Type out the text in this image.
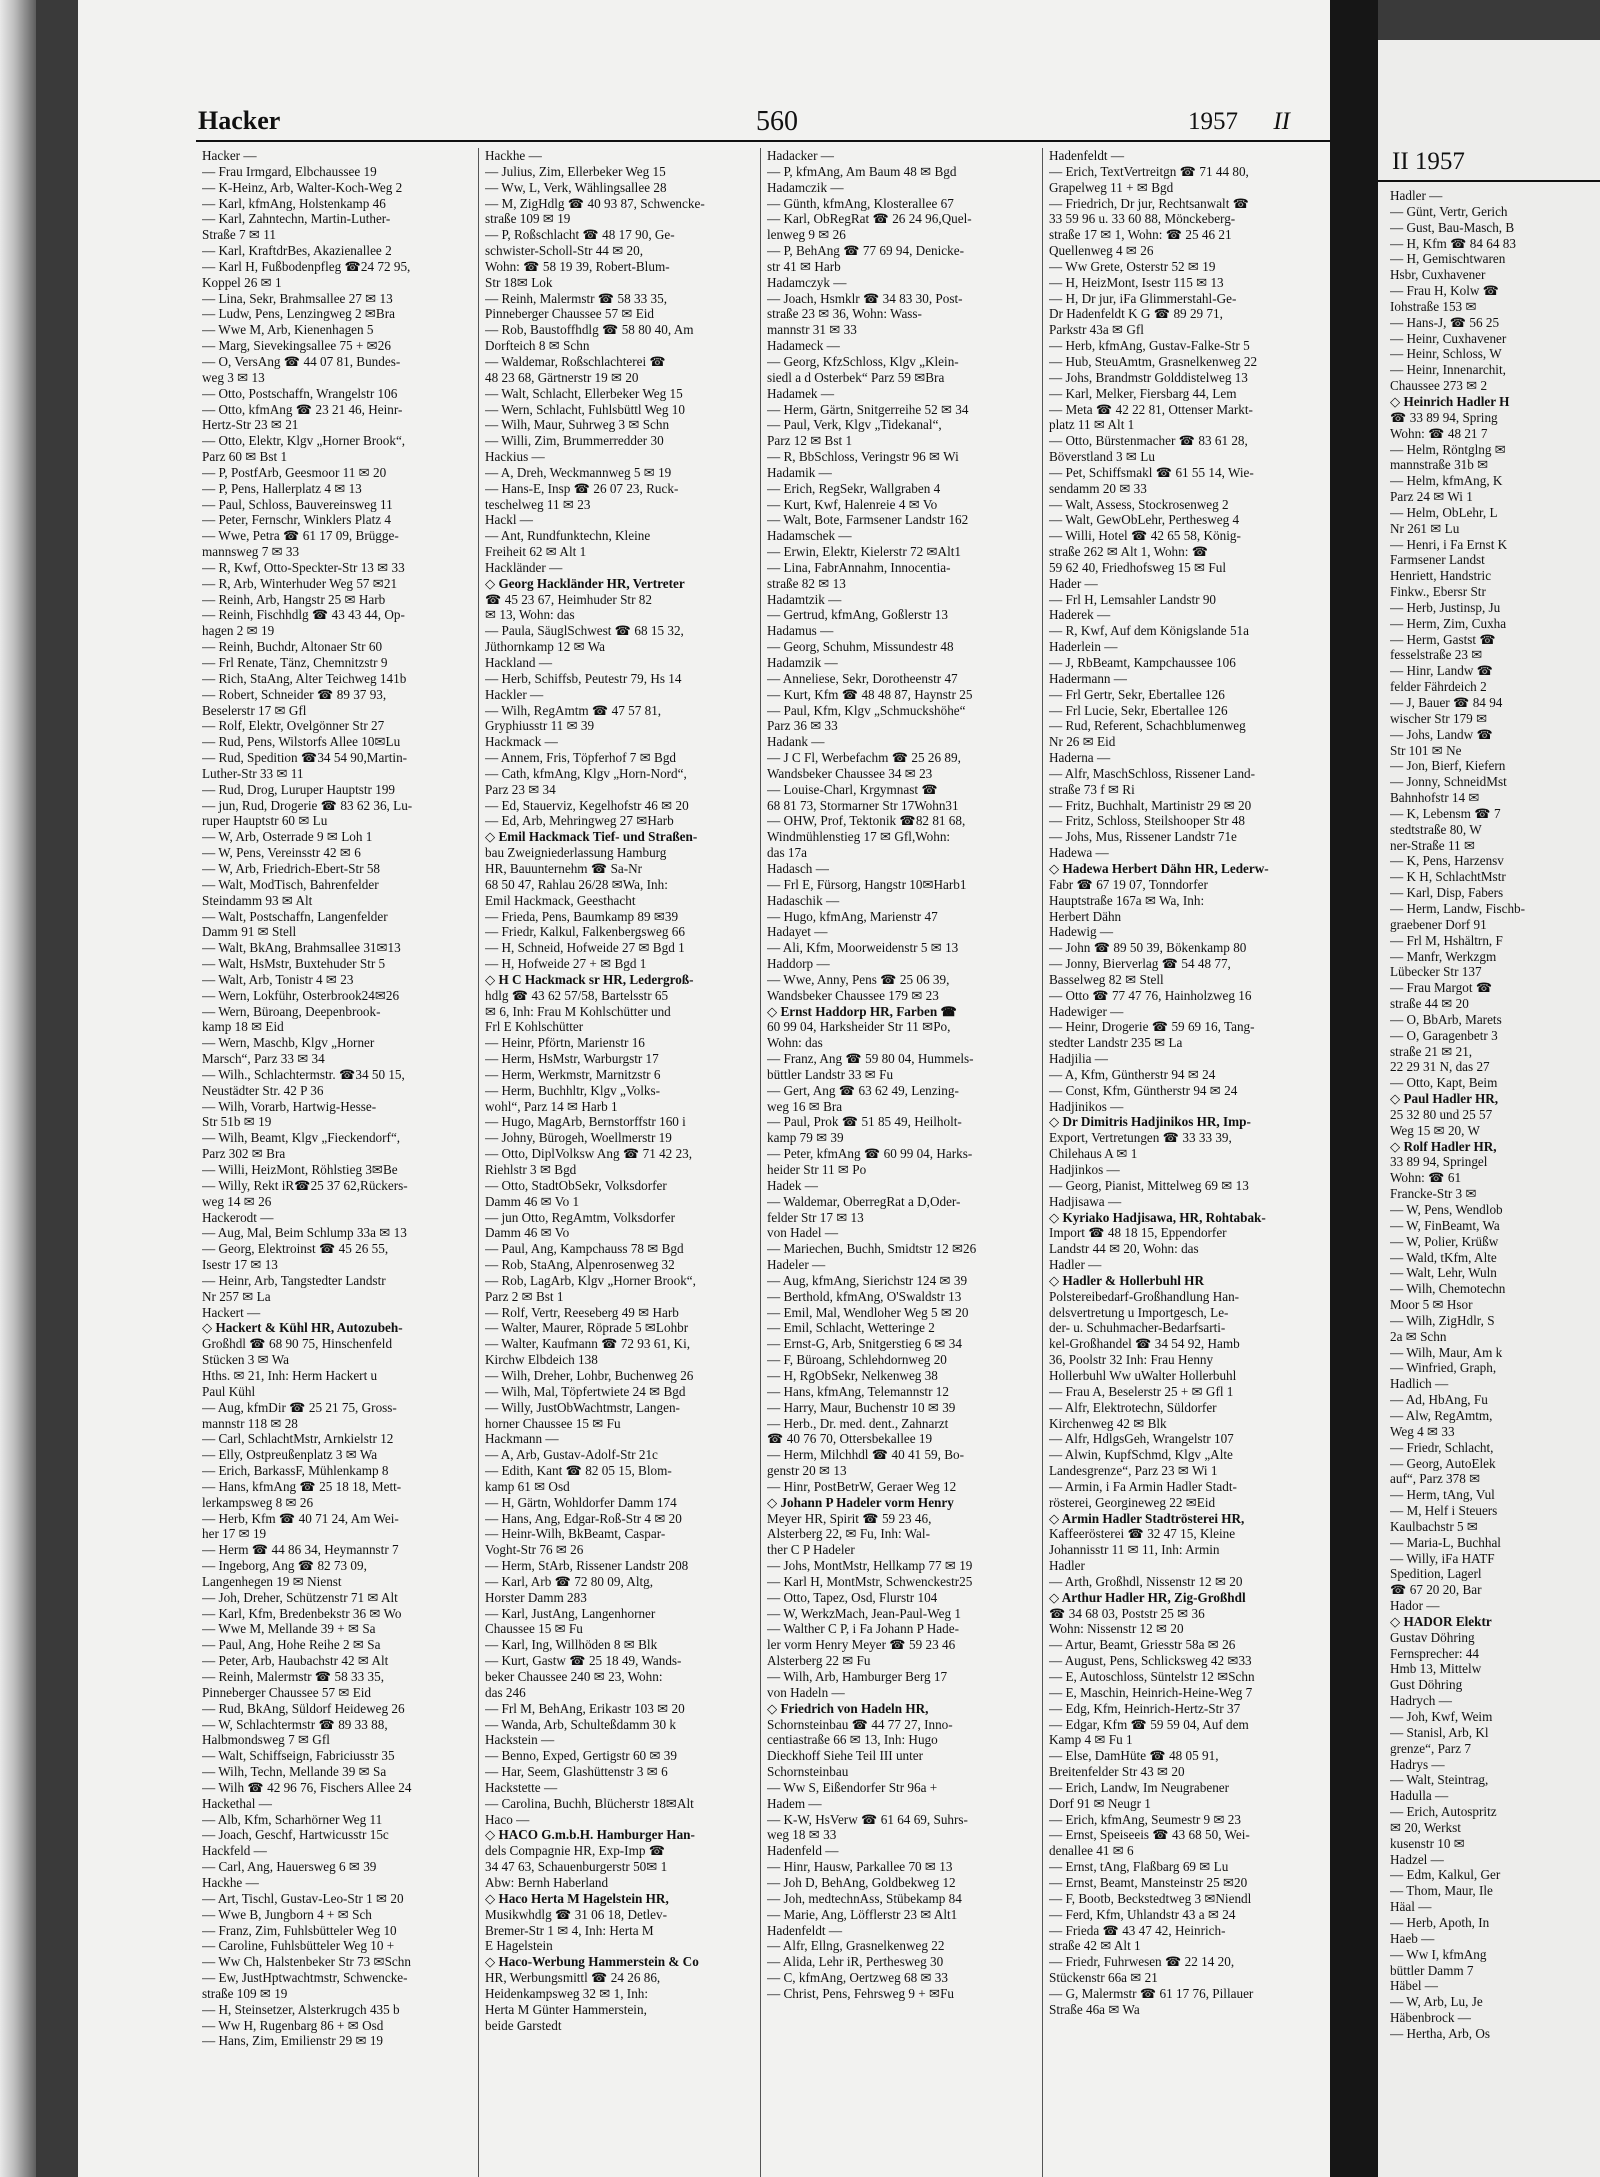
Hacker	560	1957 II
Hacker —
— Frau Irmgard, Elbchaussee 19
— K-Heinz, Arb, Walter-Koch-Weg 2
— Karl, kfmAng, Holstenkamp 46
— Karl, Zahntechn, Martin-Luther-
Straße 7 ✉ 11
— Karl, KraftdrBes, Akazienallee 2
— Karl H, Fußbodenpfleg ☎24 72 95,
Koppel 26 ✉ 1
— Lina, Sekr, Brahmsallee 27 ✉ 13
— Ludw, Pens, Lenzingweg 2 ✉Bra
— Wwe M, Arb, Kienenhagen 5
— Marg, Sievekingsallee 75 + ✉26
— O, VersAng ☎ 44 07 81, Bundes-
weg 3 ✉ 13
— Otto, Postschaffn, Wrangelstr 106
— Otto, kfmAng ☎ 23 21 46, Heinr-
Hertz-Str 23 ✉ 21
— Otto, Elektr, Klgv „Horner Brook“,
Parz 60 ✉ Bst 1
— P, PostfArb, Geesmoor 11 ✉ 20
— P, Pens, Hallerplatz 4 ✉ 13
— Paul, Schloss, Bauvereinsweg 11
— Peter, Fernschr, Winklers Platz 4
— Wwe, Petra ☎ 61 17 09, Brügge-
mannsweg 7 ✉ 33
— R, Kwf, Otto-Speckter-Str 13 ✉ 33
— R, Arb, Winterhuder Weg 57 ✉21
— Reinh, Arb, Hangstr 25 ✉ Harb
— Reinh, Fischhdlg ☎ 43 43 44, Op-
hagen 2 ✉ 19
— Reinh, Buchdr, Altonaer Str 60
— Frl Renate, Tänz, Chemnitzstr 9
— Rich, StaAng, Alter Teichweg 141b
— Robert, Schneider ☎ 89 37 93,
Beselerstr 17 ✉ Gfl
— Rolf, Elektr, Ovelgönner Str 27
— Rud, Pens, Wilstorfs Allee 10✉Lu
— Rud, Spedition ☎34 54 90,Martin-
Luther-Str 33 ✉ 11
— Rud, Drog, Luruper Hauptstr 199
— jun, Rud, Drogerie ☎ 83 62 36, Lu-
ruper Hauptstr 60 ✉ Lu
— W, Arb, Osterrade 9 ✉ Loh 1
— W, Pens, Vereinsstr 42 ✉ 6
— W, Arb, Friedrich-Ebert-Str 58
— Walt, ModTisch, Bahrenfelder
Steindamm 93 ✉ Alt
— Walt, Postschaffn, Langenfelder
Damm 91 ✉ Stell
— Walt, BkAng, Brahmsallee 31✉13
— Walt, HsMstr, Buxtehuder Str 5
— Walt, Arb, Tonistr 4 ✉ 23
— Wern, Lokführ, Osterbrook24✉26
— Wern, Büroang, Deepenbrook-
kamp 18 ✉ Eid
— Wern, Maschb, Klgv „Horner
Marsch“, Parz 33 ✉ 34
— Wilh., Schlachtermstr. ☎34 50 15,
Neustädter Str. 42 P 36
— Wilh, Vorarb, Hartwig-Hesse-
Str 51b ✉ 19
— Wilh, Beamt, Klgv „Fieckendorf“,
Parz 302 ✉ Bra
— Willi, HeizMont, Röhlstieg 3✉Be
— Willy, Rekt iR☎25 37 62,Rückers-
weg 14 ✉ 26
Hackerodt —
— Aug, Mal, Beim Schlump 33a ✉ 13
— Georg, Elektroinst ☎ 45 26 55,
Isestr 17 ✉ 13
— Heinr, Arb, Tangstedter Landstr
Nr 257 ✉ La
Hackert —
◇ Hackert & Kühl HR, Autozubeh-
Großhdl ☎ 68 90 75, Hinschenfeld
Stücken 3 ✉ Wa
Hths. ✉ 21, Inh: Herm Hackert u
Paul Kühl
— Aug, kfmDir ☎ 25 21 75, Gross-
mannstr 118 ✉ 28
— Carl, SchlachtMstr, Arnkielstr 12
— Elly, Ostpreußenplatz 3 ✉ Wa
— Erich, BarkassF, Mühlenkamp 8
— Hans, kfmAng ☎ 25 18 18, Mett-
lerkampsweg 8 ✉ 26
— Herb, Kfm ☎ 40 71 24, Am Wei-
her 17 ✉ 19
— Herm ☎ 44 86 34, Heymannstr 7
— Ingeborg, Ang ☎ 82 73 09,
Langenhegen 19 ✉ Nienst
— Joh, Dreher, Schützenstr 71 ✉ Alt
— Karl, Kfm, Bredenbekstr 36 ✉ Wo
— Wwe M, Mellande 39 + ✉ Sa
— Paul, Ang, Hohe Reihe 2 ✉ Sa
— Peter, Arb, Haubachstr 42 ✉ Alt
— Reinh, Malermstr ☎ 58 33 35,
Pinneberger Chaussee 57 ✉ Eid
— Rud, BkAng, Süldorf Heideweg 26
— W, Schlachtermstr ☎ 89 33 88,
Halbmondsweg 7 ✉ Gfl
— Walt, Schiffseign, Fabriciusstr 35
— Wilh, Techn, Mellande 39 ✉ Sa
— Wilh ☎ 42 96 76, Fischers Allee 24
Hackethal —
— Alb, Kfm, Scharhörner Weg 11
— Joach, Geschf, Hartwicusstr 15c
Hackfeld —
— Carl, Ang, Hauersweg 6 ✉ 39
Hackhe —
— Art, Tischl, Gustav-Leo-Str 1 ✉ 20
— Wwe B, Jungborn 4 + ✉ Sch
— Franz, Zim, Fuhlsbütteler Weg 10
— Caroline, Fuhlsbütteler Weg 10 +
— Ww Ch, Halstenbeker Str 73 ✉Schn
— Ew, JustHptwachtmstr, Schwencke-
straße 109 ✉ 19
— H, Steinsetzer, Alsterkrugch 435 b
— Ww H, Rugenbarg 86 + ✉ Osd
— Hans, Zim, Emilienstr 29 ✉ 19
Hackhe —
— Julius, Zim, Ellerbeker Weg 15
— Ww, L, Verk, Wählingsallee 28
— M, ZigHdlg ☎ 40 93 87, Schwencke-
straße 109 ✉ 19
— P, Roßschlacht ☎ 48 17 90, Ge-
schwister-Scholl-Str 44 ✉ 20,
Wohn: ☎ 58 19 39, Robert-Blum-
Str 18✉ Lok
— Reinh, Malermstr ☎ 58 33 35,
Pinneberger Chaussee 57 ✉ Eid
— Rob, Baustoffhdlg ☎ 58 80 40, Am
Dorfteich 8 ✉ Schn
— Waldemar, Roßschlachterei ☎
48 23 68, Gärtnerstr 19 ✉ 20
— Walt, Schlacht, Ellerbeker Weg 15
— Wern, Schlacht, Fuhlsbüttl Weg 10
— Wilh, Maur, Suhrweg 3 ✉ Schn
— Willi, Zim, Brummerredder 30
Hackius —
— A, Dreh, Weckmannweg 5 ✉ 19
— Hans-E, Insp ☎ 26 07 23, Ruck-
teschelweg 11 ✉ 23
Hackl —
— Ant, Rundfunktechn, Kleine
Freiheit 62 ✉ Alt 1
Hackländer —
◇ Georg Hackländer HR, Vertreter
☎ 45 23 67, Heimhuder Str 82
✉ 13, Wohn: das
— Paula, SäuglSchwest ☎ 68 15 32,
Jüthornkamp 12 ✉ Wa
Hackland —
— Herb, Schiffsb, Peutestr 79, Hs 14
Hackler —
— Wilh, RegAmtm ☎ 47 57 81,
Gryphiusstr 11 ✉ 39
Hackmack —
— Annem, Fris, Töpferhof 7 ✉ Bgd
— Cath, kfmAng, Klgv „Horn-Nord“,
Parz 23 ✉ 34
— Ed, Stauerviz, Kegelhofstr 46 ✉ 20
— Ed, Arb, Mehringweg 27 ✉Harb
◇ Emil Hackmack Tief- und Straßen-
bau Zweigniederlassung Hamburg
HR, Bauunternehm ☎ Sa-Nr
68 50 47, Rahlau 26/28 ✉Wa, Inh:
Emil Hackmack, Geesthacht
— Frieda, Pens, Baumkamp 89 ✉39
— Friedr, Kalkul, Falkenbergsweg 66
— H, Schneid, Hofweide 27 ✉ Bgd 1
— H, Hofweide 27 + ✉ Bgd 1
◇ H C Hackmack sr HR, Ledergroß-
hdlg ☎ 43 62 57/58, Bartelsstr 65
✉ 6, Inh: Frau M Kohlschütter und
Frl E Kohlschütter
— Heinr, Pförtn, Marienstr 16
— Herm, HsMstr, Warburgstr 17
— Herm, Werkmstr, Marnitzstr 6
— Herm, Buchhltr, Klgv „Volks-
wohl“, Parz 14 ✉ Harb 1
— Hugo, MagArb, Bernstorffstr 160 i
— Johny, Bürogeh, Woellmerstr 19
— Otto, DiplVolksw Ang ☎ 71 42 23,
Riehlstr 3 ✉ Bgd
— Otto, StadtObSekr, Volksdorfer
Damm 46 ✉ Vo 1
— jun Otto, RegAmtm, Volksdorfer
Damm 46 ✉ Vo
— Paul, Ang, Kampchauss 78 ✉ Bgd
— Rob, StaAng, Alpenrosenweg 32
— Rob, LagArb, Klgv „Horner Brook“,
Parz 2 ✉ Bst 1
— Rolf, Vertr, Reeseberg 49 ✉ Harb
— Walter, Maurer, Röprade 5 ✉Lohbr
— Walter, Kaufmann ☎ 72 93 61, Ki,
Kirchw Elbdeich 138
— Wilh, Dreher, Lohbr, Buchenweg 26
— Wilh, Mal, Töpfertwiete 24 ✉ Bgd
— Willy, JustObWachtmstr, Langen-
horner Chaussee 15 ✉ Fu
Hackmann —
— A, Arb, Gustav-Adolf-Str 21c
— Edith, Kant ☎ 82 05 15, Blom-
kamp 61 ✉ Osd
— H, Gärtn, Wohldorfer Damm 174
— Hans, Ang, Edgar-Roß-Str 4 ✉ 20
— Heinr-Wilh, BkBeamt, Caspar-
Voght-Str 76 ✉ 26
— Herm, StArb, Rissener Landstr 208
— Karl, Arb ☎ 72 80 09, Altg,
Horster Damm 283
— Karl, JustAng, Langenhorner
Chaussee 15 ✉ Fu
— Karl, Ing, Willhöden 8 ✉ Blk
— Kurt, Gastw ☎ 25 18 49, Wands-
beker Chaussee 240 ✉ 23, Wohn:
das 246
— Frl M, BehAng, Erikastr 103 ✉ 20
— Wanda, Arb, Schulteßdamm 30 k
Hackstein —
— Benno, Exped, Gertigstr 60 ✉ 39
— Har, Seem, Glashüttenstr 3 ✉ 6
Hackstette —
— Carolina, Buchh, Blücherstr 18✉Alt
Haco —
◇ HACO G.m.b.H. Hamburger Han-
dels Compagnie HR, Exp-Imp ☎
34 47 63, Schauenburgerstr 50✉ 1
Abw: Bernh Haberland
◇ Haco Herta M Hagelstein HR,
Musikwhdlg ☎ 31 06 18, Detlev-
Bremer-Str 1 ✉ 4, Inh: Herta M
E Hagelstein
◇ Haco-Werbung Hammerstein & Co
HR, Werbungsmittl ☎ 24 26 86,
Heidenkampsweg 32 ✉ 1, Inh:
Herta M Günter Hammerstein,
beide Garstedt
Hadacker —
— P, kfmAng, Am Baum 48 ✉ Bgd
Hadamczik —
— Günth, kfmAng, Klosterallee 67
— Karl, ObRegRat ☎ 26 24 96,Quel-
lenweg 9 ✉ 26
— P, BehAng ☎ 77 69 94, Denicke-
str 41 ✉ Harb
Hadamczyk —
— Joach, Hsmklr ☎ 34 83 30, Post-
straße 23 ✉ 36, Wohn: Wass-
mannstr 31 ✉ 33
Hadameck —
— Georg, KfzSchloss, Klgv „Klein-
siedl a d Osterbek“ Parz 59 ✉Bra
Hadamek —
— Herm, Gärtn, Snitgerreihe 52 ✉ 34
— Paul, Verk, Klgv „Tidekanal“,
Parz 12 ✉ Bst 1
— R, BbSchloss, Veringstr 96 ✉ Wi
Hadamik —
— Erich, RegSekr, Wallgraben 4
— Kurt, Kwf, Halenreie 4 ✉ Vo
— Walt, Bote, Farmsener Landstr 162
Hadamschek —
— Erwin, Elektr, Kielerstr 72 ✉Alt1
— Lina, FabrAnnahm, Innocentia-
straße 82 ✉ 13
Hadamtzik —
— Gertrud, kfmAng, Goßlerstr 13
Hadamus —
— Georg, Schuhm, Missundestr 48
Hadamzik —
— Anneliese, Sekr, Dorotheenstr 47
— Kurt, Kfm ☎ 48 48 87, Haynstr 25
— Paul, Kfm, Klgv „Schmuckshöhe“
Parz 36 ✉ 33
Hadank —
— J C Fl, Werbefachm ☎ 25 26 89,
Wandsbeker Chaussee 34 ✉ 23
— Louise-Charl, Krgymnast ☎
68 81 73, Stormarner Str 17Wohn31
— OHW, Prof, Tektonik ☎82 81 68,
Windmühlenstieg 17 ✉ Gfl,Wohn:
das 17a
Hadasch —
— Frl E, Fürsorg, Hangstr 10✉Harb1
Hadaschik —
— Hugo, kfmAng, Marienstr 47
Hadayet —
— Ali, Kfm, Moorweidenstr 5 ✉ 13
Haddorp —
— Wwe, Anny, Pens ☎ 25 06 39,
Wandsbeker Chaussee 179 ✉ 23
◇ Ernst Haddorp HR, Farben ☎
60 99 04, Harksheider Str 11 ✉Po,
Wohn: das
— Franz, Ang ☎ 59 80 04, Hummels-
büttler Landstr 33 ✉ Fu
— Gert, Ang ☎ 63 62 49, Lenzing-
weg 16 ✉ Bra
— Paul, Prok ☎ 51 85 49, Heilholt-
kamp 79 ✉ 39
— Peter, kfmAng ☎ 60 99 04, Harks-
heider Str 11 ✉ Po
Hadek —
— Waldemar, OberregRat a D,Oder-
felder Str 17 ✉ 13
von Hadel —
— Mariechen, Buchh, Smidtstr 12 ✉26
Hadeler —
— Aug, kfmAng, Sierichstr 124 ✉ 39
— Berthold, kfmAng, O'Swaldstr 13
— Emil, Mal, Wendloher Weg 5 ✉ 20
— Emil, Schlacht, Wetteringe 2
— Ernst-G, Arb, Snitgerstieg 6 ✉ 34
— F, Büroang, Schlehdornweg 20
— H, RgObSekr, Nelkenweg 38
— Hans, kfmAng, Telemannstr 12
— Harry, Maur, Buchenstr 10 ✉ 39
— Herb., Dr. med. dent., Zahnarzt
☎ 40 76 70, Ottersbekallee 19
— Herm, Milchhdl ☎ 40 41 59, Bo-
genstr 20 ✉ 13
— Hinr, PostBetrW, Geraer Weg 12
◇ Johann P Hadeler vorm Henry
Meyer HR, Spirit ☎ 59 23 46,
Alsterberg 22, ✉ Fu, Inh: Wal-
ther C P Hadeler
— Johs, MontMstr, Hellkamp 77 ✉ 19
— Karl H, MontMstr, Schwenckestr25
— Otto, Tapez, Osd, Flurstr 104
— W, WerkzMach, Jean-Paul-Weg 1
— Walther C P, i Fa Johann P Hade-
ler vorm Henry Meyer ☎ 59 23 46
Alsterberg 22 ✉ Fu
— Wilh, Arb, Hamburger Berg 17
von Hadeln —
◇ Friedrich von Hadeln HR,
Schornsteinbau ☎ 44 77 27, Inno-
centiastraße 66 ✉ 13, Inh: Hugo
Dieckhoff Siehe Teil III unter
Schornsteinbau
— Ww S, Eißendorfer Str 96a +
Hadem —
— K-W, HsVerw ☎ 61 64 69, Suhrs-
weg 18 ✉ 33
Hadenfeld —
— Hinr, Hausw, Parkallee 70 ✉ 13
— Joh D, BehAng, Goldbekweg 12
— Joh, medtechnAss, Stübekamp 84
— Marie, Ang, Löfflerstr 23 ✉ Alt1
Hadenfeldt —
— Alfr, Ellng, Grasnelkenweg 22
— Alida, Lehr iR, Perthesweg 30
— C, kfmAng, Oertzweg 68 ✉ 33
— Christ, Pens, Fehrsweg 9 + ✉Fu
Hadenfeldt —
— Erich, TextVertreitgn ☎ 71 44 80,
Grapelweg 11 + ✉ Bgd
— Friedrich, Dr jur, Rechtsanwalt ☎
33 59 96 u. 33 60 88, Mönckeberg-
straße 17 ✉ 1, Wohn: ☎ 25 46 21
Quellenweg 4 ✉ 26
— Ww Grete, Osterstr 52 ✉ 19
— H, HeizMont, Isestr 115 ✉ 13
— H, Dr jur, iFa Glimmerstahl-Ge-
Dr Hadenfeldt K G ☎ 89 29 71,
Parkstr 43a ✉ Gfl
— Herb, kfmAng, Gustav-Falke-Str 5
— Hub, SteuAmtm, Grasnelkenweg 22
— Johs, Brandmstr Golddistelweg 13
— Karl, Melker, Fiersbarg 44, Lem
— Meta ☎ 42 22 81, Ottenser Markt-
platz 11 ✉ Alt 1
— Otto, Bürstenmacher ☎ 83 61 28,
Böverstland 3 ✉ Lu
— Pet, Schiffsmakl ☎ 61 55 14, Wie-
sendamm 20 ✉ 33
— Walt, Assess, Stockrosenweg 2
— Walt, GewObLehr, Perthesweg 4
— Willi, Hotel ☎ 42 65 58, König-
straße 262 ✉ Alt 1, Wohn: ☎
59 62 40, Friedhofsweg 15 ✉ Ful
Hader —
— Frl H, Lemsahler Landstr 90
Haderek —
— R, Kwf, Auf dem Königslande 51a
Haderlein —
— J, RbBeamt, Kampchaussee 106
Hadermann —
— Frl Gertr, Sekr, Ebertallee 126
— Frl Lucie, Sekr, Ebertallee 126
— Rud, Referent, Schachblumenweg
Nr 26 ✉ Eid
Haderna —
— Alfr, MaschSchloss, Rissener Land-
straße 73 f ✉ Ri
— Fritz, Buchhalt, Martinistr 29 ✉ 20
— Fritz, Schloss, Steilshooper Str 48
— Johs, Mus, Rissener Landstr 71e
Hadewa —
◇ Hadewa Herbert Dähn HR, Lederw-
Fabr ☎ 67 19 07, Tonndorfer
Hauptstraße 167a ✉ Wa, Inh:
Herbert Dähn
Hadewig —
— John ☎ 89 50 39, Bökenkamp 80
— Jonny, Bierverlag ☎ 54 48 77,
Basselweg 82 ✉ Stell
— Otto ☎ 77 47 76, Hainholzweg 16
Hadewiger —
— Heinr, Drogerie ☎ 59 69 16, Tang-
stedter Landstr 235 ✉ La
Hadjilia —
— A, Kfm, Güntherstr 94 ✉ 24
— Const, Kfm, Güntherstr 94 ✉ 24
Hadjinikos —
◇ Dr Dimitris Hadjinikos HR, Imp-
Export, Vertretungen ☎ 33 33 39,
Chilehaus A ✉ 1
Hadjinkos —
— Georg, Pianist, Mittelweg 69 ✉ 13
Hadjisawa —
◇ Kyriako Hadjisawa, HR, Rohtabak-
Import ☎ 48 18 15, Eppendorfer
Landstr 44 ✉ 20, Wohn: das
Hadler —
◇ Hadler & Hollerbuhl HR
Polstereibedarf-Großhandlung Han-
delsvertretung u Importgesch, Le-
der- u. Schuhmacher-Bedarfsarti-
kel-Großhandel ☎ 34 54 92, Hamb
36, Poolstr 32 Inh: Frau Henny
Hollerbuhl Ww uWalter Hollerbuhl
— Frau A, Beselerstr 25 + ✉ Gfl 1
— Alfr, Elektrotechn, Süldorfer
Kirchenweg 42 ✉ Blk
— Alfr, HdlgsGeh, Wrangelstr 107
— Alwin, KupfSchmd, Klgv „Alte
Landesgrenze“, Parz 23 ✉ Wi 1
— Armin, i Fa Armin Hadler Stadt-
rösterei, Georgineweg 22 ✉Eid
◇ Armin Hadler Stadtrösterei HR,
Kaffeerösterei ☎ 32 47 15, Kleine
Johannisstr 11 ✉ 11, Inh: Armin
Hadler
— Arth, Großhdl, Nissenstr 12 ✉ 20
◇ Arthur Hadler HR, Zig-Großhdl
☎ 34 68 03, Poststr 25 ✉ 36
Wohn: Nissenstr 12 ✉ 20
— Artur, Beamt, Griesstr 58a ✉ 26
— August, Pens, Schlicksweg 42 ✉33
— E, Autoschloss, Süntelstr 12 ✉Schn
— E, Maschin, Heinrich-Heine-Weg 7
— Edg, Kfm, Heinrich-Hertz-Str 37
— Edgar, Kfm ☎ 59 59 04, Auf dem
Kamp 4 ✉ Fu 1
— Else, DamHüte ☎ 48 05 91,
Breitenfelder Str 43 ✉ 20
— Erich, Landw, Im Neugrabener
Dorf 91 ✉ Neugr 1
— Erich, kfmAng, Seumestr 9 ✉ 23
— Ernst, Speiseeis ☎ 43 68 50, Wei-
denallee 41 ✉ 6
— Ernst, tAng, Flaßbarg 69 ✉ Lu
— Ernst, Beamt, Mansteinstr 25 ✉20
— F, Bootb, Beckstedtweg 3 ✉Niendl
— Ferd, Kfm, Uhlandstr 43 a ✉ 24
— Frieda ☎ 43 47 42, Heinrich-
straße 42 ✉ Alt 1
— Friedr, Fuhrwesen ☎ 22 14 20,
Stückenstr 66a ✉ 21
— G, Malermstr ☎ 61 17 76, Pillauer
Straße 46a ✉ Wa
II 1957
Hadler —
— Günt, Vertr, Gerich
— Gust, Bau-Masch, B
— H, Kfm ☎ 84 64 83
— H, Gemischtwaren
Hsbr, Cuxhavener
— Frau H, Kolw ☎
Iohstraße 153 ✉
— Hans-J, ☎ 56 25
— Heinr, Cuxhavener
— Heinr, Schloss, W
— Heinr, Innenarchit,
Chaussee 273 ✉ 2
◇ Heinrich Hadler H
☎ 33 89 94, Spring
Wohn: ☎ 48 21 7
— Helm, Röntglng ✉
mannstraße 31b ✉
— Helm, kfmAng, K
Parz 24 ✉ Wi 1
— Helm, ObLehr, L
Nr 261 ✉ Lu
— Henri, i Fa Ernst K
Farmsener Landst
Henriett, Handstric
Finkw., Ebersr Str
— Herb, Justinsp, Ju
— Herm, Zim, Cuxha
— Herm, Gastst ☎
fesselstraße 23 ✉
— Hinr, Landw ☎
felder Fährdeich 2
— J, Bauer ☎ 84 94
wischer Str 179 ✉
— Johs, Landw ☎
Str 101 ✉ Ne
— Jon, Bierf, Kiefern
— Jonny, SchneidMst
Bahnhofstr 14 ✉
— K, Lebensm ☎ 7
stedtstraße 80, W
ner-Straße 11 ✉
— K, Pens, Harzensv
— K H, SchlachtMstr
— Karl, Disp, Fabers
— Herm, Landw, Fischb-
graebener Dorf 91
— Frl M, Hshältrn, F
— Manfr, Werkzgm
Lübecker Str 137
— Frau Margot ☎
straße 44 ✉ 20
— O, BbArb, Marets
— O, Garagenbetr 3
straße 21 ✉ 21,
22 29 31 N, das 27
— Otto, Kapt, Beim
◇ Paul Hadler HR,
25 32 80 und 25 57
Weg 15 ✉ 20, W
◇ Rolf Hadler HR,
33 89 94, Springel
Wohn: ☎ 61
Francke-Str 3 ✉
— W, Pens, Wendlob
— W, FinBeamt, Wa
— W, Polier, Krüßw
— Wald, tKfm, Alte
— Walt, Lehr, Wuln
— Wilh, Chemotechn
Moor 5 ✉ Hsor
— Wilh, ZigHdlr, S
2a ✉ Schn
— Wilh, Maur, Am k
— Winfried, Graph,
Hadlich —
— Ad, HbAng, Fu
— Alw, RegAmtm,
Weg 4 ✉ 33
— Friedr, Schlacht,
— Georg, AutoElek
auf“, Parz 378 ✉
— Herm, tAng, Vul
— M, Helf i Steuers
Kaulbachstr 5 ✉
— Maria-L, Buchhal
— Willy, iFa HATF
Spedition, Lagerl
☎ 67 20 20, Bar
Hador —
◇ HADOR Elektr
Gustav Döhring
Fernsprecher: 44
Hmb 13, Mittelw
Gust Döhring
Hadrych —
— Joh, Kwf, Weim
— Stanisl, Arb, Kl
grenze“, Parz 7
Hadrys —
— Walt, Steintrag,
Hadulla —
— Erich, Autospritz
✉ 20, Werkst
kusenstr 10 ✉
Hadzel —
— Edm, Kalkul, Ger
— Thom, Maur, Ile
Häal —
— Herb, Apoth, In
Haeb —
— Ww I, kfmAng
büttler Damm 7
Häbel —
— W, Arb, Lu, Je
Häbenbrock —
— Hertha, Arb, Os
